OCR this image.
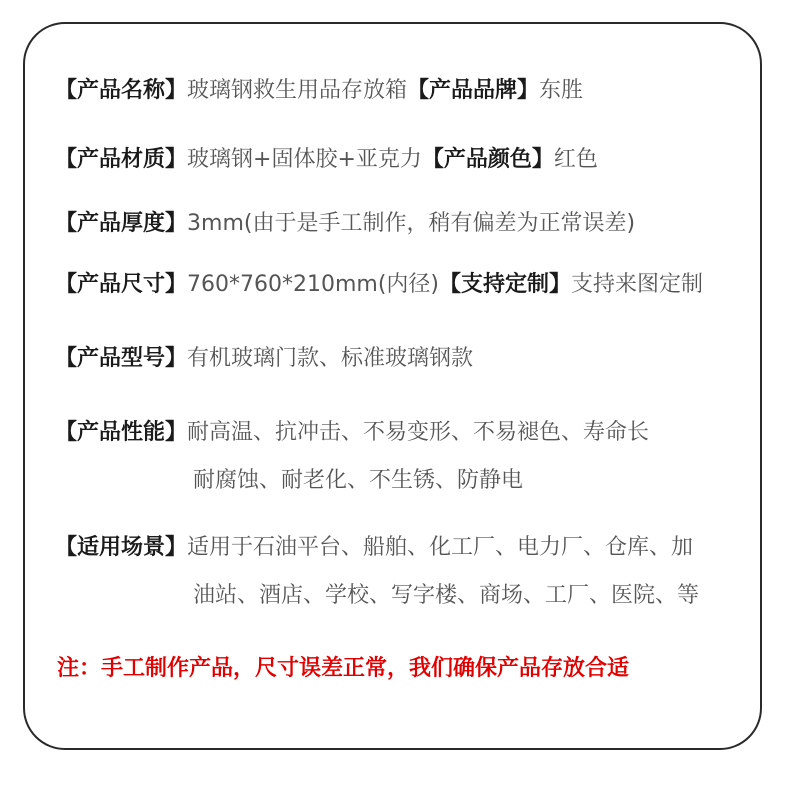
【产品名称】玻璃钢救生用品存放箱【产品品牌】东胜
【产品材质】玻璃钢+固体胶+亚克力【产品颜色】红色
【产品厚度】3mm(由于是手工制作，稍有偏差为正常误差)
【产品尺寸】760*760*210mm(内径)【支持定制】支持来图定制
【产品型号】有机玻璃门款、标准玻璃钢款
【产品性能】耐高温、抗冲击、不易变形、不易褪色、寿命长
耐腐蚀、耐老化、不生锈、防静电
【适用场景】适用于石油平台、船舶、化工厂、电力厂、仓库、加
油站、酒店、学校、写字楼、商场、工厂、医院、等
注：手工制作产品，尺寸误差正常，我们确保产品存放合适
